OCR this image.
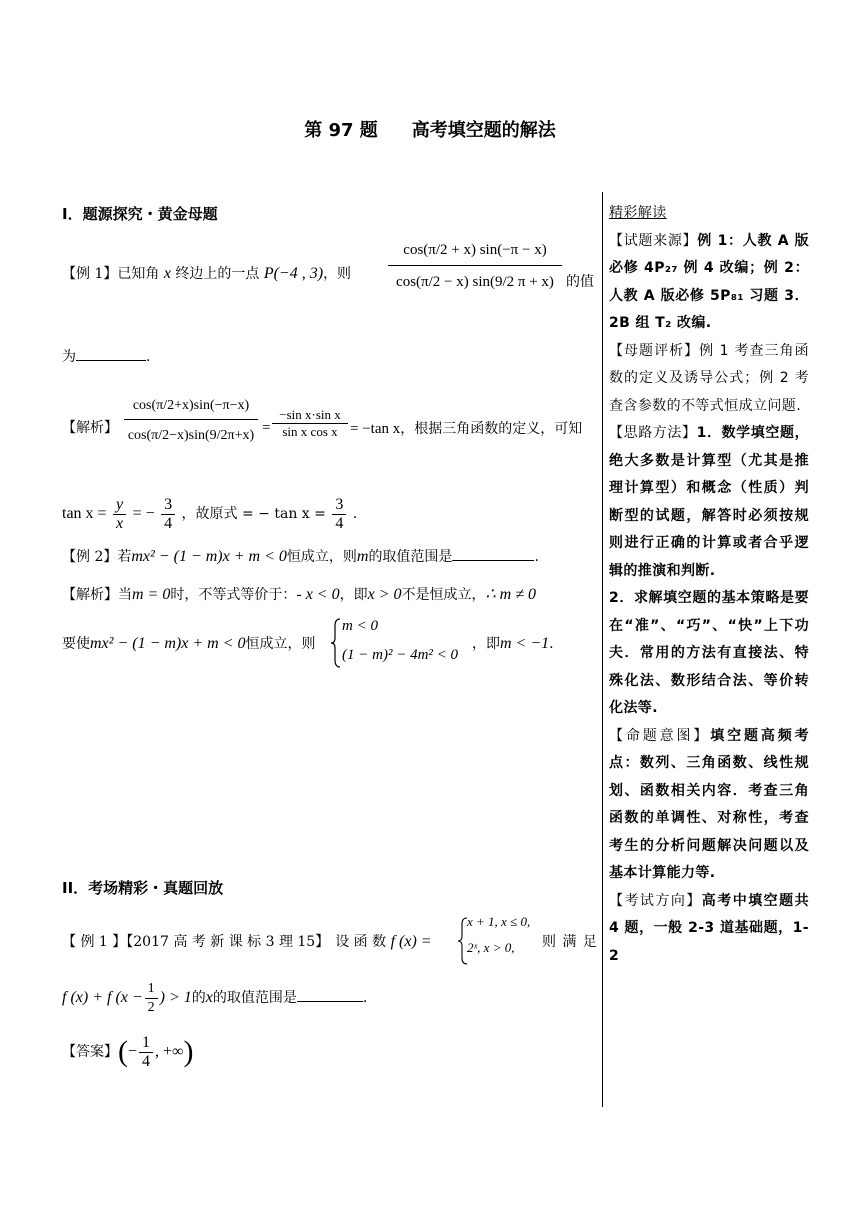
第 97 题 高考填空题的解法
I．题源探究・黄金母题
【例 1】已知角 x 终边上的一点 P(−4 , 3)，则 $\frac{\cos(\pi/2 + x) \sin(-\pi - x)}{\cos(\pi/2 - x) \sin(9/2 \pi + x)}$ 的值
为	.
【解析】 $\frac{\cos(\pi/2+x)\sin(-\pi-x)}{\cos(\pi/2-x)\sin(9/2\pi+x)} = \frac{\text{−sin x·sin x}}{\text{sin x cos x}} = -\tan$ x，根据三角函数的定义，可知
$\tan x = \frac{y}{x}$ = − $\frac{3}{4}$ ，故原式 = − $\tan x = \frac{3}{4}$ .
【例 2】若mx² − (1 − m)x + m < 0恒成立，则m的取值范围是	.
【解析】当m = 0时，不等式等价于：- x < 0，即x > 0不是恒成立，∴ m ≠ 0
要使mx² − (1 − m)x + m < 0恒成立，则
m < 0
(1 − m)² − 4m² < 0
，即m < −1.
II．考场精彩・真题回放
【 例 1 】【2017 高 考 新 课 标 3 理 15】 设 函 数 f (x) =
x + 1, x ≤ 0,
2ˣ, x > 0, 则 满 足
f (x) + f ($x - \frac{1}{2}$ ) > 1的x的取值范围是	.
【答案】(− $\frac{1}{4}$ , +∞)

精彩解读

【试题来源】例 1：人教 A 版必修 4P₂₇ 例 4 改编；例 2：人教 A 版必修 5P₈₁ 习题 3．2B 组 T₂ 改编.

【母题评析】例 1 考查三角函数的定义及诱导公式；例 2 考查含参数的不等式恒成立问题.

【思路方法】1．数学填空题，绝大多数是计算型（尤其是推理计算型）和概念（性质）判断型的试题，解答时必须按规则进行正确的计算或者合乎逻辑的推演和判断.

2．求解填空题的基本策略是要在“准”、“巧”、“快”上下功夫．常用的方法有直接法、特殊化法、数形结合法、等价转化法等.

【命题意图】填空题高频考点：数列、三角函数、线性规划、函数相关内容．考查三角函数的单调性、对称性，考查考生的分析问题解决问题以及基本计算能力等.

【考试方向】高考中填空题共 4 题，一般 2-3 道基础题，1-2
